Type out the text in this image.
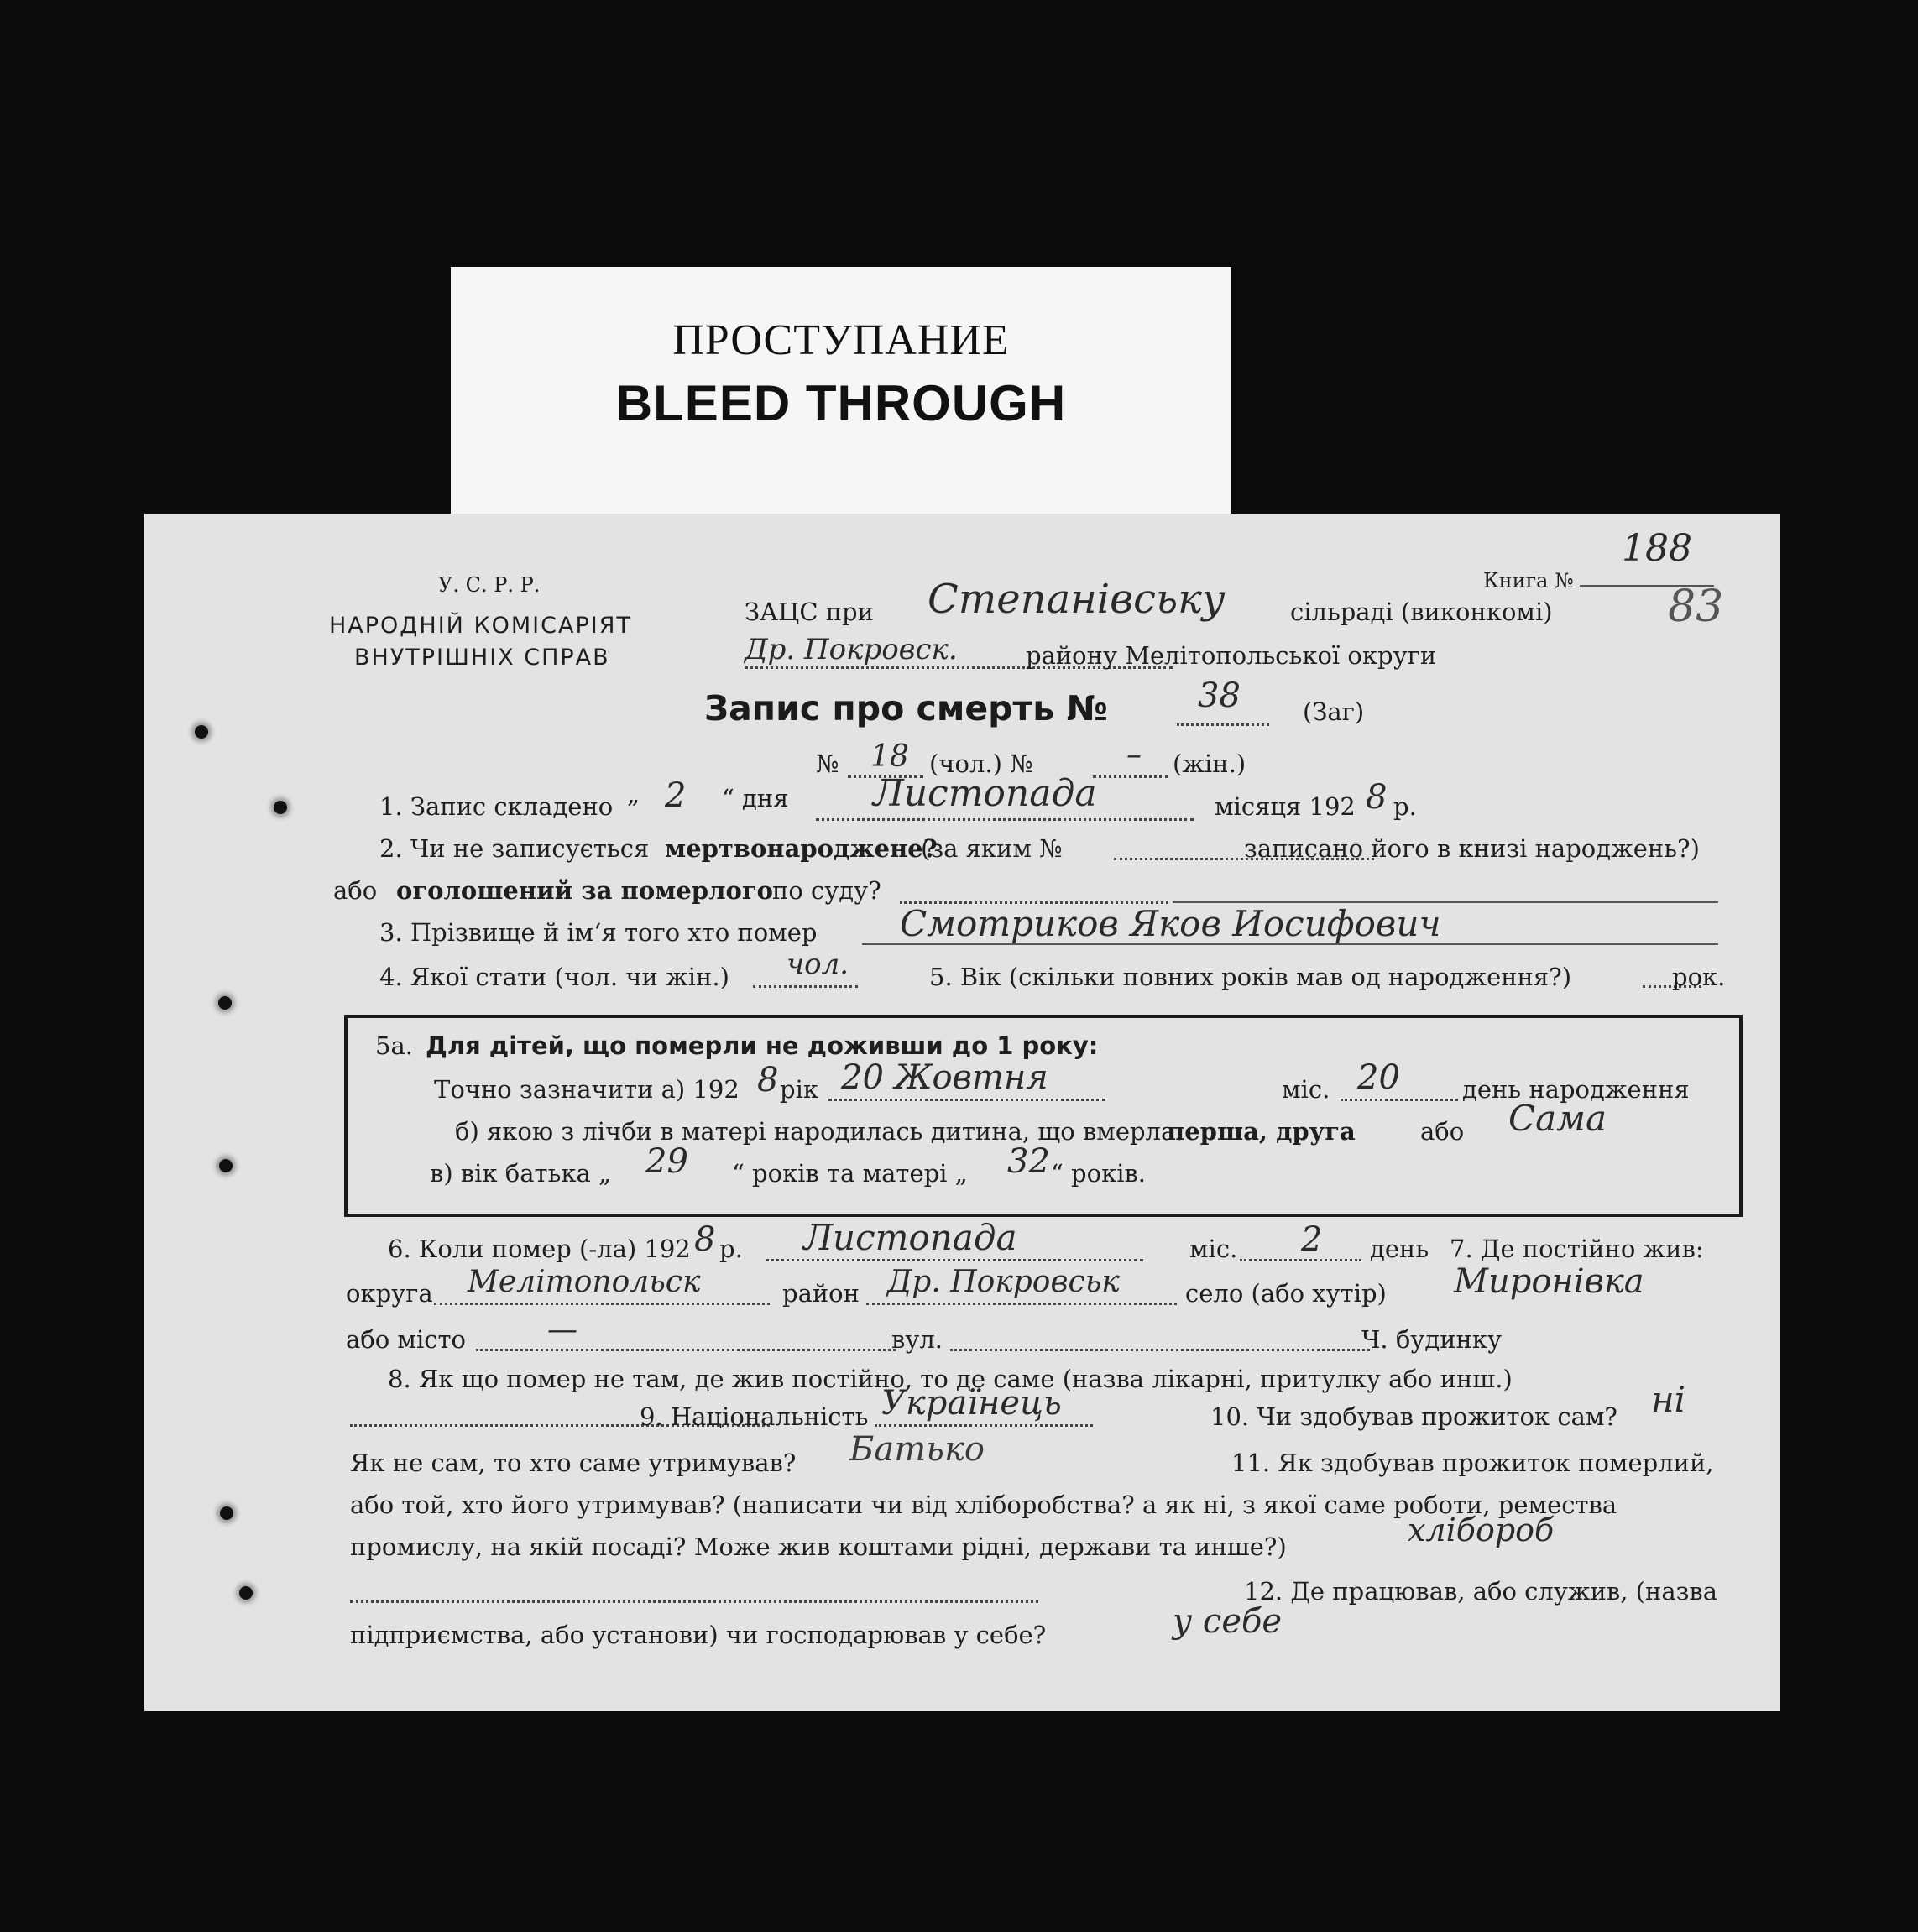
ПРОСТУПАНИЕ
BLEED THROUGH
У. С. Р. Р.
НАРОДНІЙ КОМІСАРІЯТ
ВНУТРІШНІХ СПРАВ
ЗАЦС при Степанівську	сільраді (виконкомі)
Др. Покровск.	району Мелітопольської округи
Книга №
188
83
Запис про смерть №	38	(Заг)
№ 18 (чол.) №	– (жін.)
1. Запис складено „ 2 “ дня Листопада	місяця 192 8 р.
2. Чи не записується мертвонароджене?
(за яким №	записано його в книзі народжень?)
або оголошений за померлого по суду?
3. Прізвище й ім‘я того хто помер Смотриков Яков Иосифович
4. Якої стати (чол. чи жін.) чол.	5. Вік (скільки повних років мав од народження?)	рок.
5а. Для дітей, що померли не доживши до 1 року:
Точно зазначити а) 192 8 рік 20 Жовтня	міс. 20	день народження
б) якою з лічби в матері народилась дитина, що вмерла:
перша, друга	або Сама
в) вік батька „ 29 “ років та матері „ 32 “ років.
6. Коли помер (-ла) 192 8 р. Листопада	міс. 2 день 7. Де постійно жив:
округа Мелітопольск	район Др. Покровськ	село (або хутір) Миронівка
або місто	—	вул.	Ч. будинку
8. Як що помер не там, де жив постійно, то де саме (назва лікарні, притулку або инш.)
9. Національність Українець	10. Чи здобував прожиток сам? ні
Як не сам, то хто саме утримував? Батько	11. Як здобував прожиток померлий,
або той, хто його утримував? (написати чи від хліборобства? а як ні, з якої саме роботи, ремества
промислу, на якій посаді? Може жив коштами рідні, держави та инше?)	хлібороб
12. Де працював, або служив, (назва
підприємства, або установи) чи господарював у себе?	у себе
